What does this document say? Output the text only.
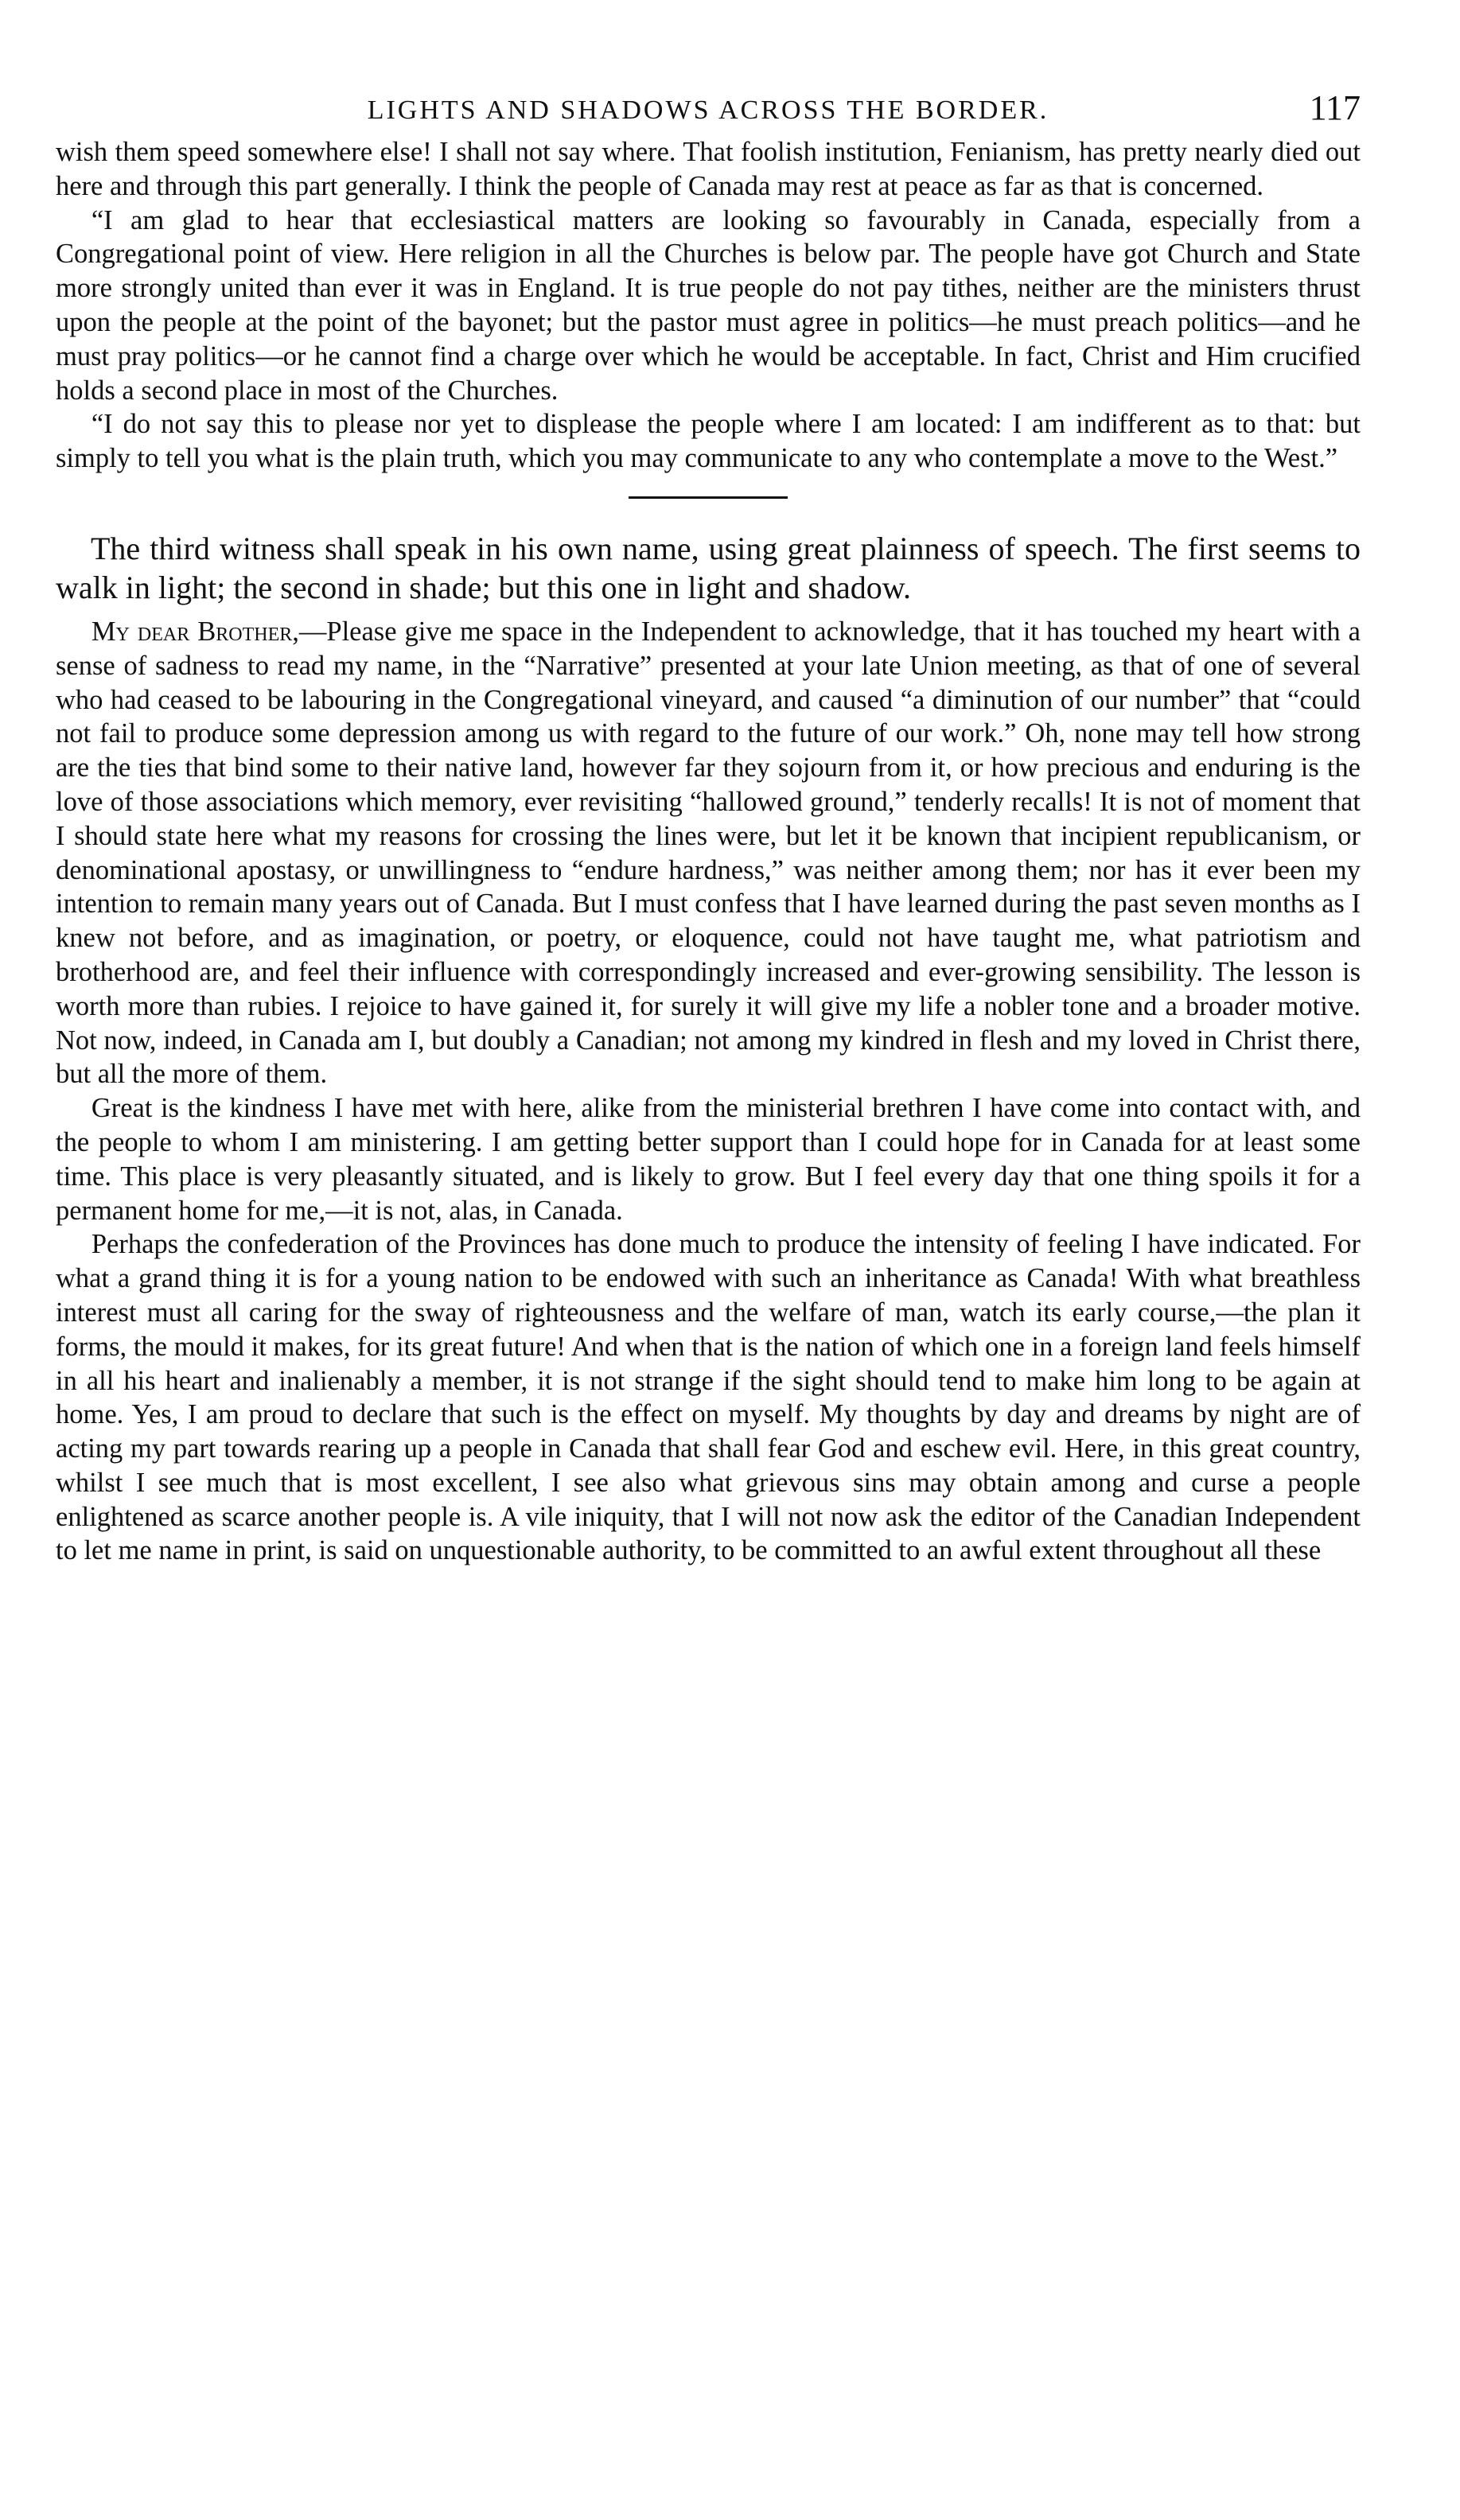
LIGHTS AND SHADOWS ACROSS THE BORDER.	117

wish them speed somewhere else! I shall not say where. That foolish institution, Fenianism, has pretty nearly died out here and through this part generally. I think the people of Canada may rest at peace as far as that is concerned.

“I am glad to hear that ecclesiastical matters are looking so favourably in Canada, especially from a Congregational point of view. Here religion in all the Churches is below par. The people have got Church and State more strongly united than ever it was in England. It is true people do not pay tithes, neither are the ministers thrust upon the people at the point of the bayonet; but the pastor must agree in politics—he must preach politics—and he must pray politics—or he cannot find a charge over which he would be acceptable. In fact, Christ and Him crucified holds a second place in most of the Churches.

“I do not say this to please nor yet to displease the people where I am located: I am indifferent as to that: but simply to tell you what is the plain truth, which you may communicate to any who contemplate a move to the West.”

The third witness shall speak in his own name, using great plainness of speech. The first seems to walk in light; the second in shade; but this one in light and shadow.

My dear Brother,—Please give me space in the Independent to acknowledge, that it has touched my heart with a sense of sadness to read my name, in the “Narrative” presented at your late Union meeting, as that of one of several who had ceased to be labouring in the Congregational vineyard, and caused “a diminution of our number” that “could not fail to produce some depression among us with regard to the future of our work.” Oh, none may tell how strong are the ties that bind some to their native land, however far they sojourn from it, or how precious and enduring is the love of those associations which memory, ever revisiting “hallowed ground,” tenderly recalls! It is not of moment that I should state here what my reasons for crossing the lines were, but let it be known that incipient republicanism, or denominational apostasy, or unwillingness to “endure hardness,” was neither among them; nor has it ever been my intention to remain many years out of Canada. But I must confess that I have learned during the past seven months as I knew not before, and as imagination, or poetry, or eloquence, could not have taught me, what patriotism and brotherhood are, and feel their influence with correspondingly increased and ever-growing sensibility. The lesson is worth more than rubies. I rejoice to have gained it, for surely it will give my life a nobler tone and a broader motive. Not now, indeed, in Canada am I, but doubly a Canadian; not among my kindred in flesh and my loved in Christ there, but all the more of them.

Great is the kindness I have met with here, alike from the ministerial brethren I have come into contact with, and the people to whom I am ministering. I am getting better support than I could hope for in Canada for at least some time. This place is very pleasantly situated, and is likely to grow. But I feel every day that one thing spoils it for a permanent home for me,—it is not, alas, in Canada.

Perhaps the confederation of the Provinces has done much to produce the intensity of feeling I have indicated. For what a grand thing it is for a young nation to be endowed with such an inheritance as Canada! With what breathless interest must all caring for the sway of righteousness and the welfare of man, watch its early course,—the plan it forms, the mould it makes, for its great future! And when that is the nation of which one in a foreign land feels himself in all his heart and inalienably a member, it is not strange if the sight should tend to make him long to be again at home. Yes, I am proud to declare that such is the effect on myself. My thoughts by day and dreams by night are of acting my part towards rearing up a people in Canada that shall fear God and eschew evil. Here, in this great country, whilst I see much that is most excellent, I see also what grievous sins may obtain among and curse a people enlightened as scarce another people is. A vile iniquity, that I will not now ask the editor of the Canadian Independent to let me name in print, is said on unquestionable authority, to be committed to an awful extent throughout all these
